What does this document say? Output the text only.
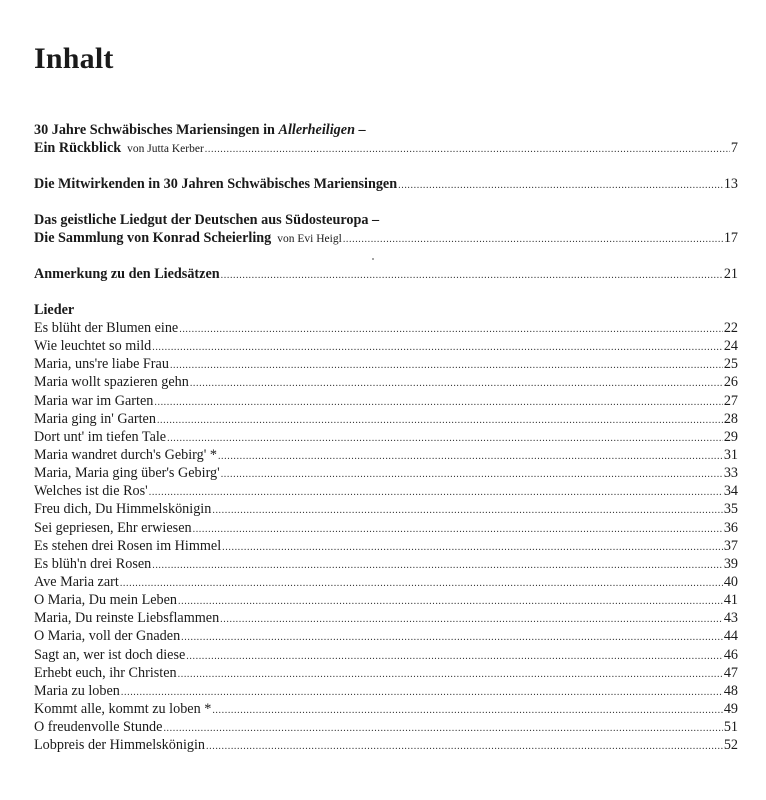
Inhalt
30 Jahre Schwäbisches Mariensingen in Allerheiligen –
Ein Rückblick von Jutta Kerber .....	7
Die Mitwirkenden in 30 Jahren Schwäbisches Mariensingen .....	13
Das geistliche Liedgut der Deutschen aus Südosteuropa –
Die Sammlung von Konrad Scheierling von Evi Heigl .....	17
Anmerkung zu den Liedsätzen .....	21
Lieder
Es blüht der Blumen eine .....	22
Wie leuchtet so mild .....	24
Maria, uns're liabe Frau .....	25
Maria wollt spazieren gehn .....	26
Maria war im Garten .....	27
Maria ging in' Garten .....	28
Dort unt' im tiefen Tale .....	29
Maria wandret durch's Gebirg' * .....	31
Maria, Maria ging über's Gebirg' .....	33
Welches ist die Ros' .....	34
Freu dich, Du Himmelskönigin .....	35
Sei gepriesen, Ehr erwiesen .....	36
Es stehen drei Rosen im Himmel .....	37
Es blüh'n drei Rosen .....	39
Ave Maria zart .....	40
O Maria, Du mein Leben .....	41
Maria, Du reinste Liebsflammen .....	43
O Maria, voll der Gnaden .....	44
Sagt an, wer ist doch diese .....	46
Erhebt euch, ihr Christen .....	47
Maria zu loben .....	48
Kommt alle, kommt zu loben * .....	49
O freudenvolle Stunde .....	51
Lobpreis der Himmelskönigin .....	52
